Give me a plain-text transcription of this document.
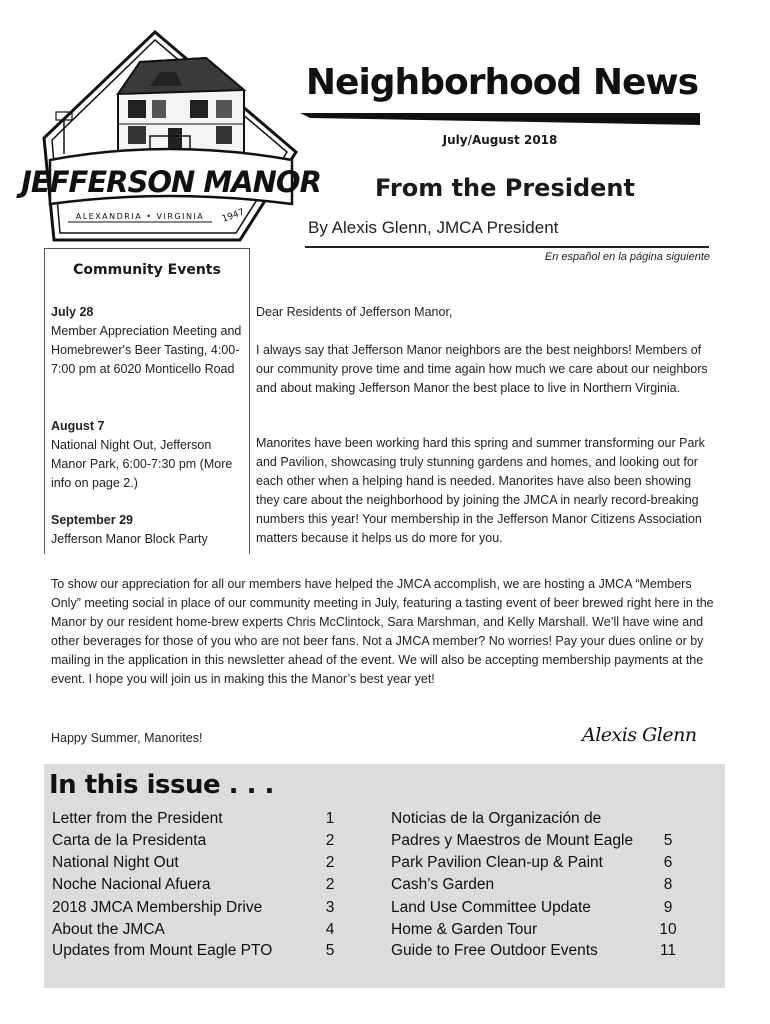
JEFFERSON MANOR
ALEXANDRIA • VIRGINIA 1947
Neighborhood News
July/August 2018
From the President
By Alexis Glenn, JMCA President
En español en la página siguiente
Community Events
July 28
Member Appreciation Meeting and Homebrewer's Beer Tasting, 4:00-7:00 pm at 6020 Monticello Road
August 7
National Night Out, Jefferson Manor Park, 6:00-7:30 pm (More info on page 2.)
September 29
Jefferson Manor Block Party
Dear Residents of Jefferson Manor,
I always say that Jefferson Manor neighbors are the best neighbors! Members of our community prove time and time again how much we care about our neighbors and about making Jefferson Manor the best place to live in Northern Virginia.
Manorites have been working hard this spring and summer transforming our Park and Pavilion, showcasing truly stunning gardens and homes, and looking out for each other when a helping hand is needed. Manorites have also been showing they care about the neighborhood by joining the JMCA in nearly record-breaking numbers this year! Your membership in the Jefferson Manor Citizens Association matters because it helps us do more for you.
To show our appreciation for all our members have helped the JMCA accomplish, we are hosting a JMCA “Members Only” meeting social in place of our community meeting in July, featuring a tasting event of beer brewed right here in the Manor by our resident home-brew experts Chris McClintock, Sara Marshman, and Kelly Marshall. We’ll have wine and other beverages for those of you who are not beer fans. Not a JMCA member? No worries! Pay your dues online or by mailing in the application in this newsletter ahead of the event. We will also be accepting membership payments at the event. I hope you will join us in making this the Manor’s best year yet!
Happy Summer, Manorites!	Alexis Glenn
In this issue . . .
Letter from the President	1
Carta de la Presidenta	2
National Night Out	2
Noche Nacional Afuera	2
2018 JMCA Membership Drive	3
About the JMCA	4
Updates from Mount Eagle PTO	5
Noticias de la Organización de
Padres y Maestros de Mount Eagle	5
Park Pavilion Clean-up & Paint	6
Cash’s Garden	8
Land Use Committee Update	9
Home & Garden Tour	10
Guide to Free Outdoor Events	11
